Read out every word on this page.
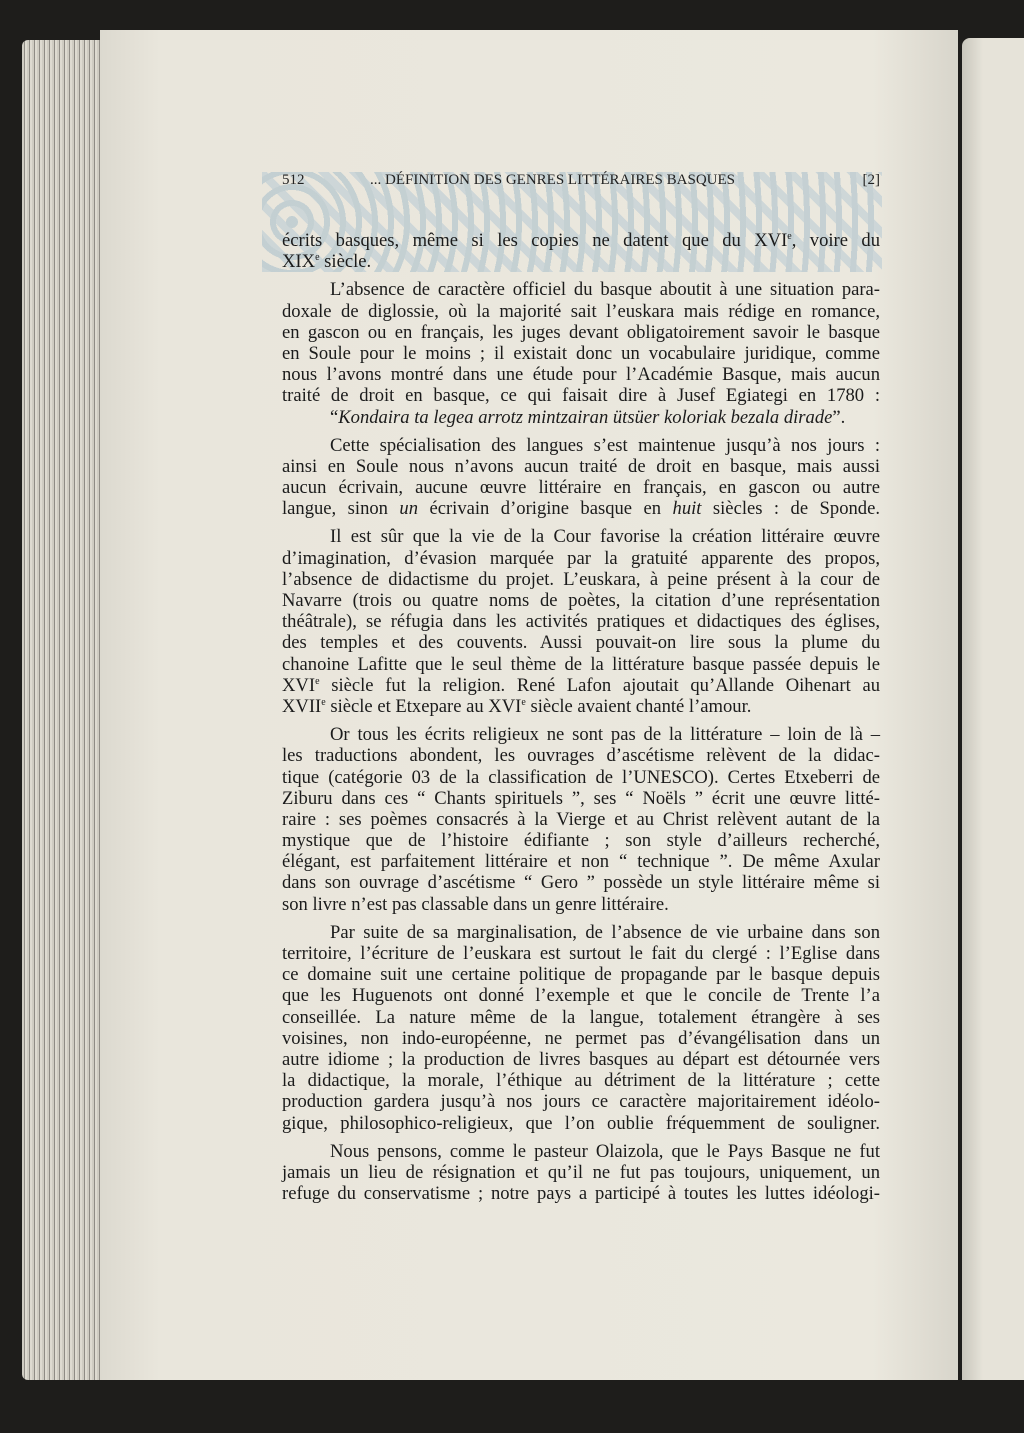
512	... DÉFINITION DES GENRES LITTÉRAIRES BASQUES	[2]
écrits basques, même si les copies ne datent que du XVIe, voire du
XIXe siècle.
L’absence de caractère officiel du basque aboutit à une situation para-
doxale de diglossie, où la majorité sait l’euskara mais rédige en romance,
en gascon ou en français, les juges devant obligatoirement savoir le basque
en Soule pour le moins ; il existait donc un vocabulaire juridique, comme
nous l’avons montré dans une étude pour l’Académie Basque, mais aucun
traité de droit en basque, ce qui faisait dire à Jusef Egiategi en 1780 :
“Kondaira ta legea arrotz mintzairan ütsüer koloriak bezala dirade”.
Cette spécialisation des langues s’est maintenue jusqu’à nos jours :
ainsi en Soule nous n’avons aucun traité de droit en basque, mais aussi
aucun écrivain, aucune œuvre littéraire en français, en gascon ou autre
langue, sinon un écrivain d’origine basque en huit siècles : de Sponde.
Il est sûr que la vie de la Cour favorise la création littéraire œuvre
d’imagination, d’évasion marquée par la gratuité apparente des propos,
l’absence de didactisme du projet. L’euskara, à peine présent à la cour de
Navarre (trois ou quatre noms de poètes, la citation d’une représentation
théâtrale), se réfugia dans les activités pratiques et didactiques des églises,
des temples et des couvents. Aussi pouvait-on lire sous la plume du
chanoine Lafitte que le seul thème de la littérature basque passée depuis le
XVIe siècle fut la religion. René Lafon ajoutait qu’Allande Oihenart au
XVIIe siècle et Etxepare au XVIe siècle avaient chanté l’amour.
Or tous les écrits religieux ne sont pas de la littérature – loin de là –
les traductions abondent, les ouvrages d’ascétisme relèvent de la didac-
tique (catégorie 03 de la classification de l’UNESCO). Certes Etxeberri de
Ziburu dans ces “ Chants spirituels ”, ses “ Noëls ” écrit une œuvre litté-
raire : ses poèmes consacrés à la Vierge et au Christ relèvent autant de la
mystique que de l’histoire édifiante ; son style d’ailleurs recherché,
élégant, est parfaitement littéraire et non “ technique ”. De même Axular
dans son ouvrage d’ascétisme “ Gero ” possède un style littéraire même si
son livre n’est pas classable dans un genre littéraire.
Par suite de sa marginalisation, de l’absence de vie urbaine dans son
territoire, l’écriture de l’euskara est surtout le fait du clergé : l’Eglise dans
ce domaine suit une certaine politique de propagande par le basque depuis
que les Huguenots ont donné l’exemple et que le concile de Trente l’a
conseillée. La nature même de la langue, totalement étrangère à ses
voisines, non indo-européenne, ne permet pas d’évangélisation dans un
autre idiome ; la production de livres basques au départ est détournée vers
la didactique, la morale, l’éthique au détriment de la littérature ; cette
production gardera jusqu’à nos jours ce caractère majoritairement idéolo-
gique, philosophico-religieux, que l’on oublie fréquemment de souligner.
Nous pensons, comme le pasteur Olaizola, que le Pays Basque ne fut
jamais un lieu de résignation et qu’il ne fut pas toujours, uniquement, un
refuge du conservatisme ; notre pays a participé à toutes les luttes idéologi-
